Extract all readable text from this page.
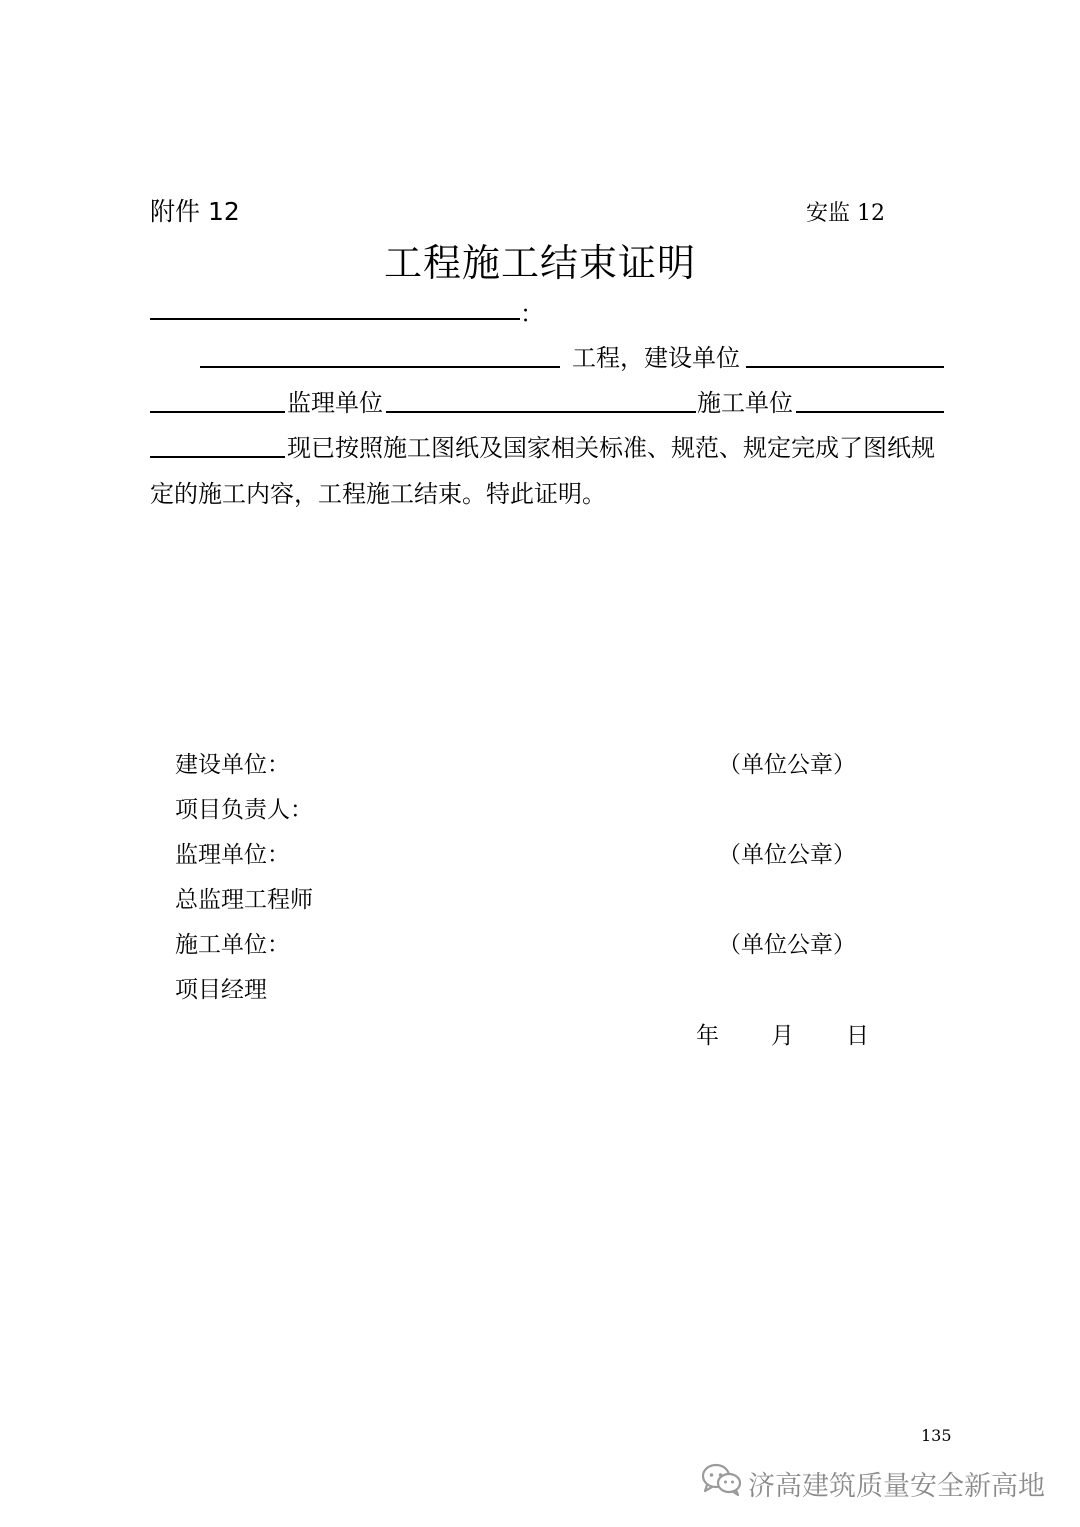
附件 12	安监 12
工程施工结束证明
：
工程，建设单位
监理单位	施工单位
现已按照施工图纸及国家相关标准、规范、规定完成了图纸规
定的施工内容，工程施工结束。特此证明。
建设单位：	（单位公章）
项目负责人：
监理单位：	（单位公章）
总监理工程师
施工单位：	（单位公章）
项目经理
年 月 日
135
济高建筑质量安全新高地
